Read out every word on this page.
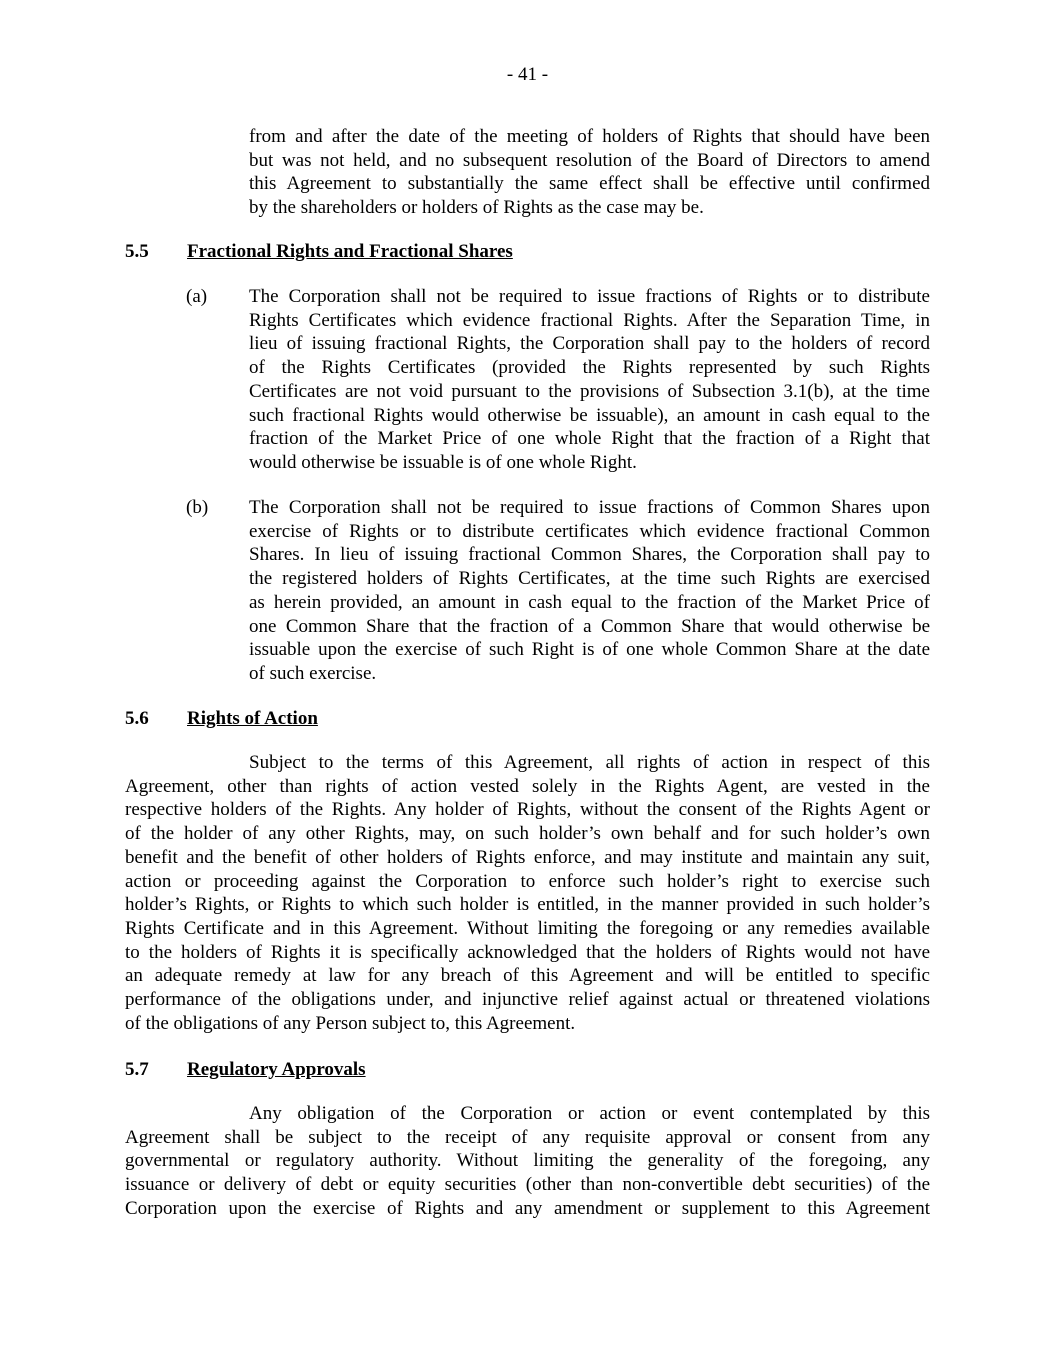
- 41 -
from and after the date of the meeting of holders of Rights that should have been
but was not held, and no subsequent resolution of the Board of Directors to amend
this Agreement to substantially the same effect shall be effective until confirmed
by the shareholders or holders of Rights as the case may be.
5.5 Fractional Rights and Fractional Shares
(a) The Corporation shall not be required to issue fractions of Rights or to distribute
Rights Certificates which evidence fractional Rights. After the Separation Time, in
lieu of issuing fractional Rights, the Corporation shall pay to the holders of record
of the Rights Certificates (provided the Rights represented by such Rights
Certificates are not void pursuant to the provisions of Subsection 3.1(b), at the time
such fractional Rights would otherwise be issuable), an amount in cash equal to the
fraction of the Market Price of one whole Right that the fraction of a Right that
would otherwise be issuable is of one whole Right.
(b) The Corporation shall not be required to issue fractions of Common Shares upon
exercise of Rights or to distribute certificates which evidence fractional Common
Shares. In lieu of issuing fractional Common Shares, the Corporation shall pay to
the registered holders of Rights Certificates, at the time such Rights are exercised
as herein provided, an amount in cash equal to the fraction of the Market Price of
one Common Share that the fraction of a Common Share that would otherwise be
issuable upon the exercise of such Right is of one whole Common Share at the date
of such exercise.
5.6 Rights of Action
Subject to the terms of this Agreement, all rights of action in respect of this
Agreement, other than rights of action vested solely in the Rights Agent, are vested in the
respective holders of the Rights. Any holder of Rights, without the consent of the Rights Agent or
of the holder of any other Rights, may, on such holder’s own behalf and for such holder’s own
benefit and the benefit of other holders of Rights enforce, and may institute and maintain any suit,
action or proceeding against the Corporation to enforce such holder’s right to exercise such
holder’s Rights, or Rights to which such holder is entitled, in the manner provided in such holder’s
Rights Certificate and in this Agreement. Without limiting the foregoing or any remedies available
to the holders of Rights it is specifically acknowledged that the holders of Rights would not have
an adequate remedy at law for any breach of this Agreement and will be entitled to specific
performance of the obligations under, and injunctive relief against actual or threatened violations
of the obligations of any Person subject to, this Agreement.
5.7 Regulatory Approvals
Any obligation of the Corporation or action or event contemplated by this
Agreement shall be subject to the receipt of any requisite approval or consent from any
governmental or regulatory authority. Without limiting the generality of the foregoing, any
issuance or delivery of debt or equity securities (other than non-convertible debt securities) of the
Corporation upon the exercise of Rights and any amendment or supplement to this Agreement
